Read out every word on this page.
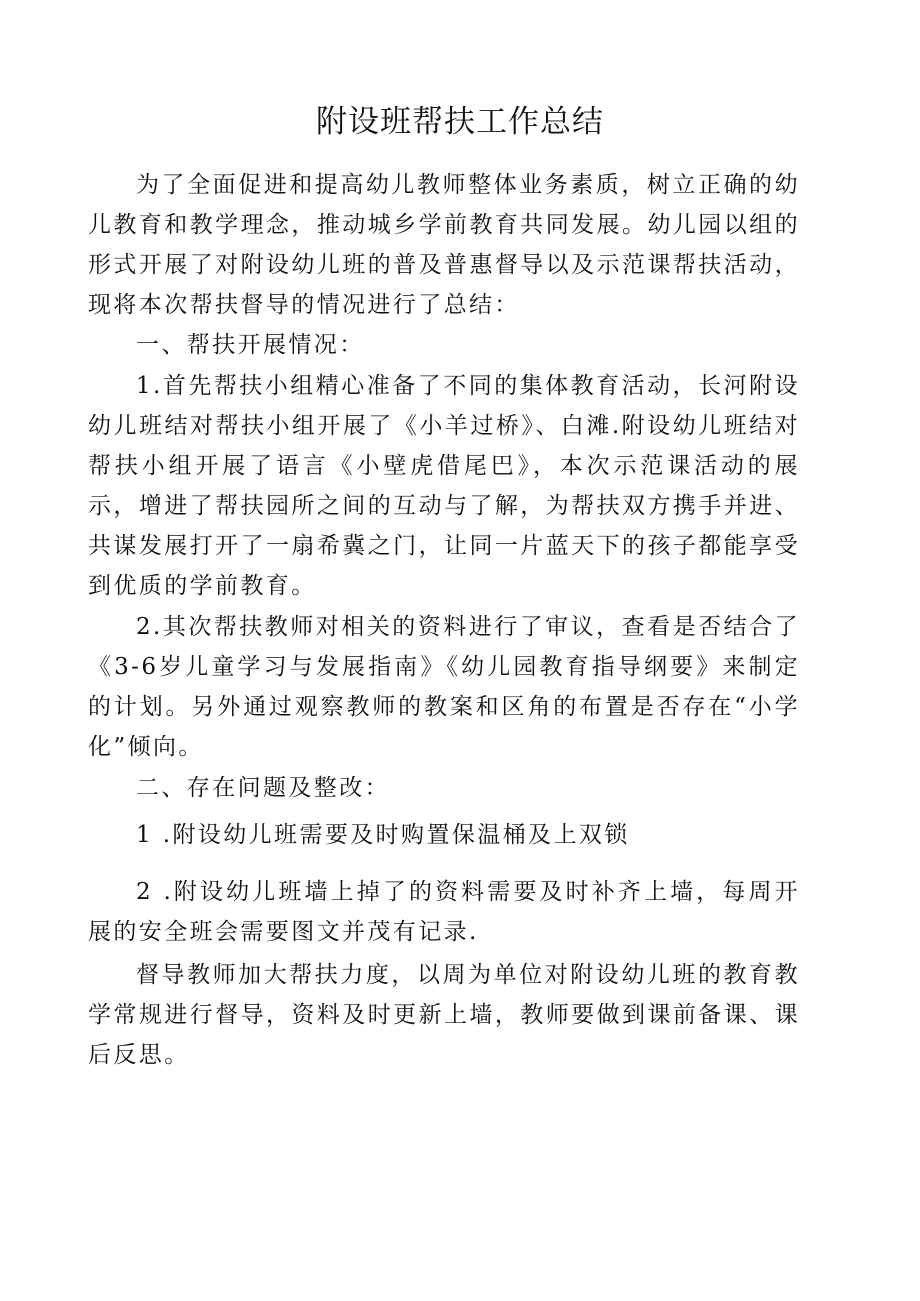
附设班帮扶工作总结

为了全面促进和提高幼儿教师整体业务素质，树立正确的幼儿教育和教学理念，推动城乡学前教育共同发展。幼儿园以组的形式开展了对附设幼儿班的普及普惠督导以及示范课帮扶活动，现将本次帮扶督导的情况进行了总结：

一、帮扶开展情况：

1.首先帮扶小组精心准备了不同的集体教育活动，长河附设幼儿班结对帮扶小组开展了《小羊过桥》、白滩.附设幼儿班结对帮扶小组开展了语言《小壁虎借尾巴》，本次示范课活动的展示，增进了帮扶园所之间的互动与了解，为帮扶双方携手并进、共谋发展打开了一扇希冀之门，让同一片蓝天下的孩子都能享受到优质的学前教育。

2.其次帮扶教师对相关的资料进行了审议，查看是否结合了《3-6岁儿童学习与发展指南》《幼儿园教育指导纲要》来制定的计划。另外通过观察教师的教案和区角的布置是否存在“小学化”倾向。

二、存在问题及整改：

1 .附设幼儿班需要及时购置保温桶及上双锁

2 .附设幼儿班墙上掉了的资料需要及时补齐上墙，每周开展的安全班会需要图文并茂有记录.

督导教师加大帮扶力度，以周为单位对附设幼儿班的教育教学常规进行督导，资料及时更新上墙，教师要做到课前备课、课后反思。
